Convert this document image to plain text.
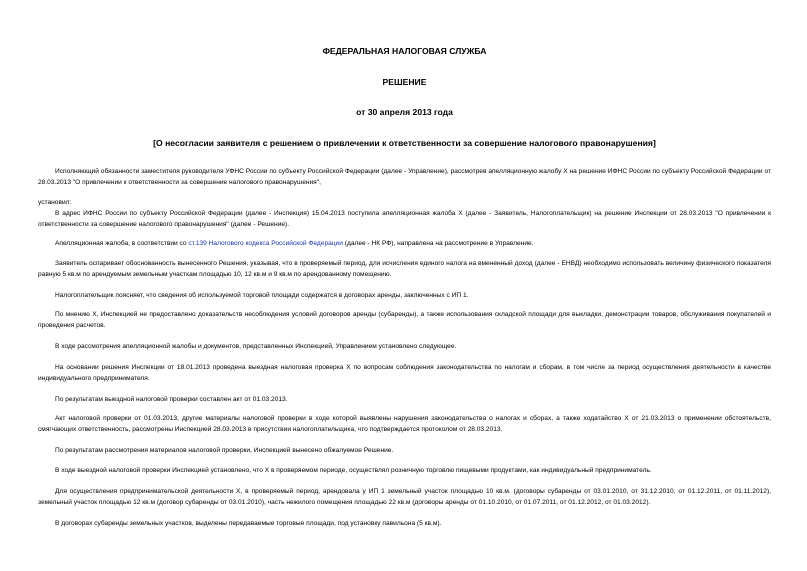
ФЕДЕРАЛЬНАЯ НАЛОГОВАЯ СЛУЖБА
РЕШЕНИЕ
от 30 апреля 2013 года
[О несогласии заявителя с решением о привлечении к ответственности за совершение налогового правонарушения]
Исполняющий обязанности заместителя руководителя УФНС России по субъекту Российской Федерации (далее - Управление), рассмотрев апелляционную жалобу Х на решение ИФНС России по субъекту Российской Федерации от 28.03.2013 "О привлечении к ответственности за совершение налогового правонарушения",
установил:
В адрес ИФНС России по субъекту Российской Федерации (далее - Инспекция) 15.04.2013 поступила апелляционная жалоба Х (далее - Заявитель, Налогоплательщик) на решение Инспекции от 28.03.2013 "О привлечении к ответственности за совершение налогового правонарушения" (далее - Решение).
Апелляционная жалоба, в соответствии со ст.139 Налогового кодекса Российской Федерации (далее - НК РФ), направлена на рассмотрение в Управление.
Заявитель оспаривает обоснованность вынесенного Решения, указывая, что в проверяемый период, для исчисления единого налога на вмененный доход (далее - ЕНВД) необходимо использовать величину физического показателя равную 5 кв.м по арендуемым земельным участкам площадью 10, 12 кв.м и 9 кв.м по арендованному помещению.
Налогоплательщик поясняет, что сведения об используемой торговой площади содержатся в договорах аренды, заключенных с ИП 1.
По мнению Х, Инспекцией не предоставлено доказательств несоблюдения условий договоров аренды (субаренды), а также использования складской площади для выкладки, демонстрации товаров, обслуживания покупателей и проведения расчетов.
В ходе рассмотрения апелляционной жалобы и документов, представленных Инспекцией, Управлением установлено следующее.
На основании решения Инспекции от 18.01.2013 проведена выездная налоговая проверка Х по вопросам соблюдения законодательства по налогам и сборам, в том числе за период осуществления деятельности в качестве индивидуального предпринимателя.
По результатам выездной налоговой проверки составлен акт от 01.03.2013.
Акт налоговой проверки от 01.03.2013, другие материалы налоговой проверки в ходе которой выявлены нарушения законодательства о налогах и сборах, а также ходатайство Х от 21.03.2013 о применении обстоятельств, смягчающих ответственность, рассмотрены Инспекцией 28.03.2013 в присутствии налогоплательщика, что подтверждается протоколом от 28.03.2013.
По результатам рассмотрения материалов налоговой проверки, Инспекцией вынесено обжалуемое Решение.
В ходе выездной налоговой проверки Инспекцией установлено, что Х в проверяемом периоде, осуществлял розничную торговлю пищевыми продуктами, как индивидуальный предприниматель.
Для осуществления предпринимательской деятельности Х, в проверяемый период, арендовала у ИП 1 земельный участок площадью 10 кв.м. (договоры субаренды от 03.01.2010, от 31.12.2010, от 01.12.2011, от 01.11.2012), земельный участок площадью 12 кв.м (договор субаренды от 03.01.2010), часть нежилого помещения площадью 22 кв.м (договоры аренды от 01.10.2010, от 01.07.2011, от 01.12.2012, от 01.03.2012).
В договорах субаренды земельных участков, выделены передаваемые торговые площади, под установку павильона (5 кв.м).
